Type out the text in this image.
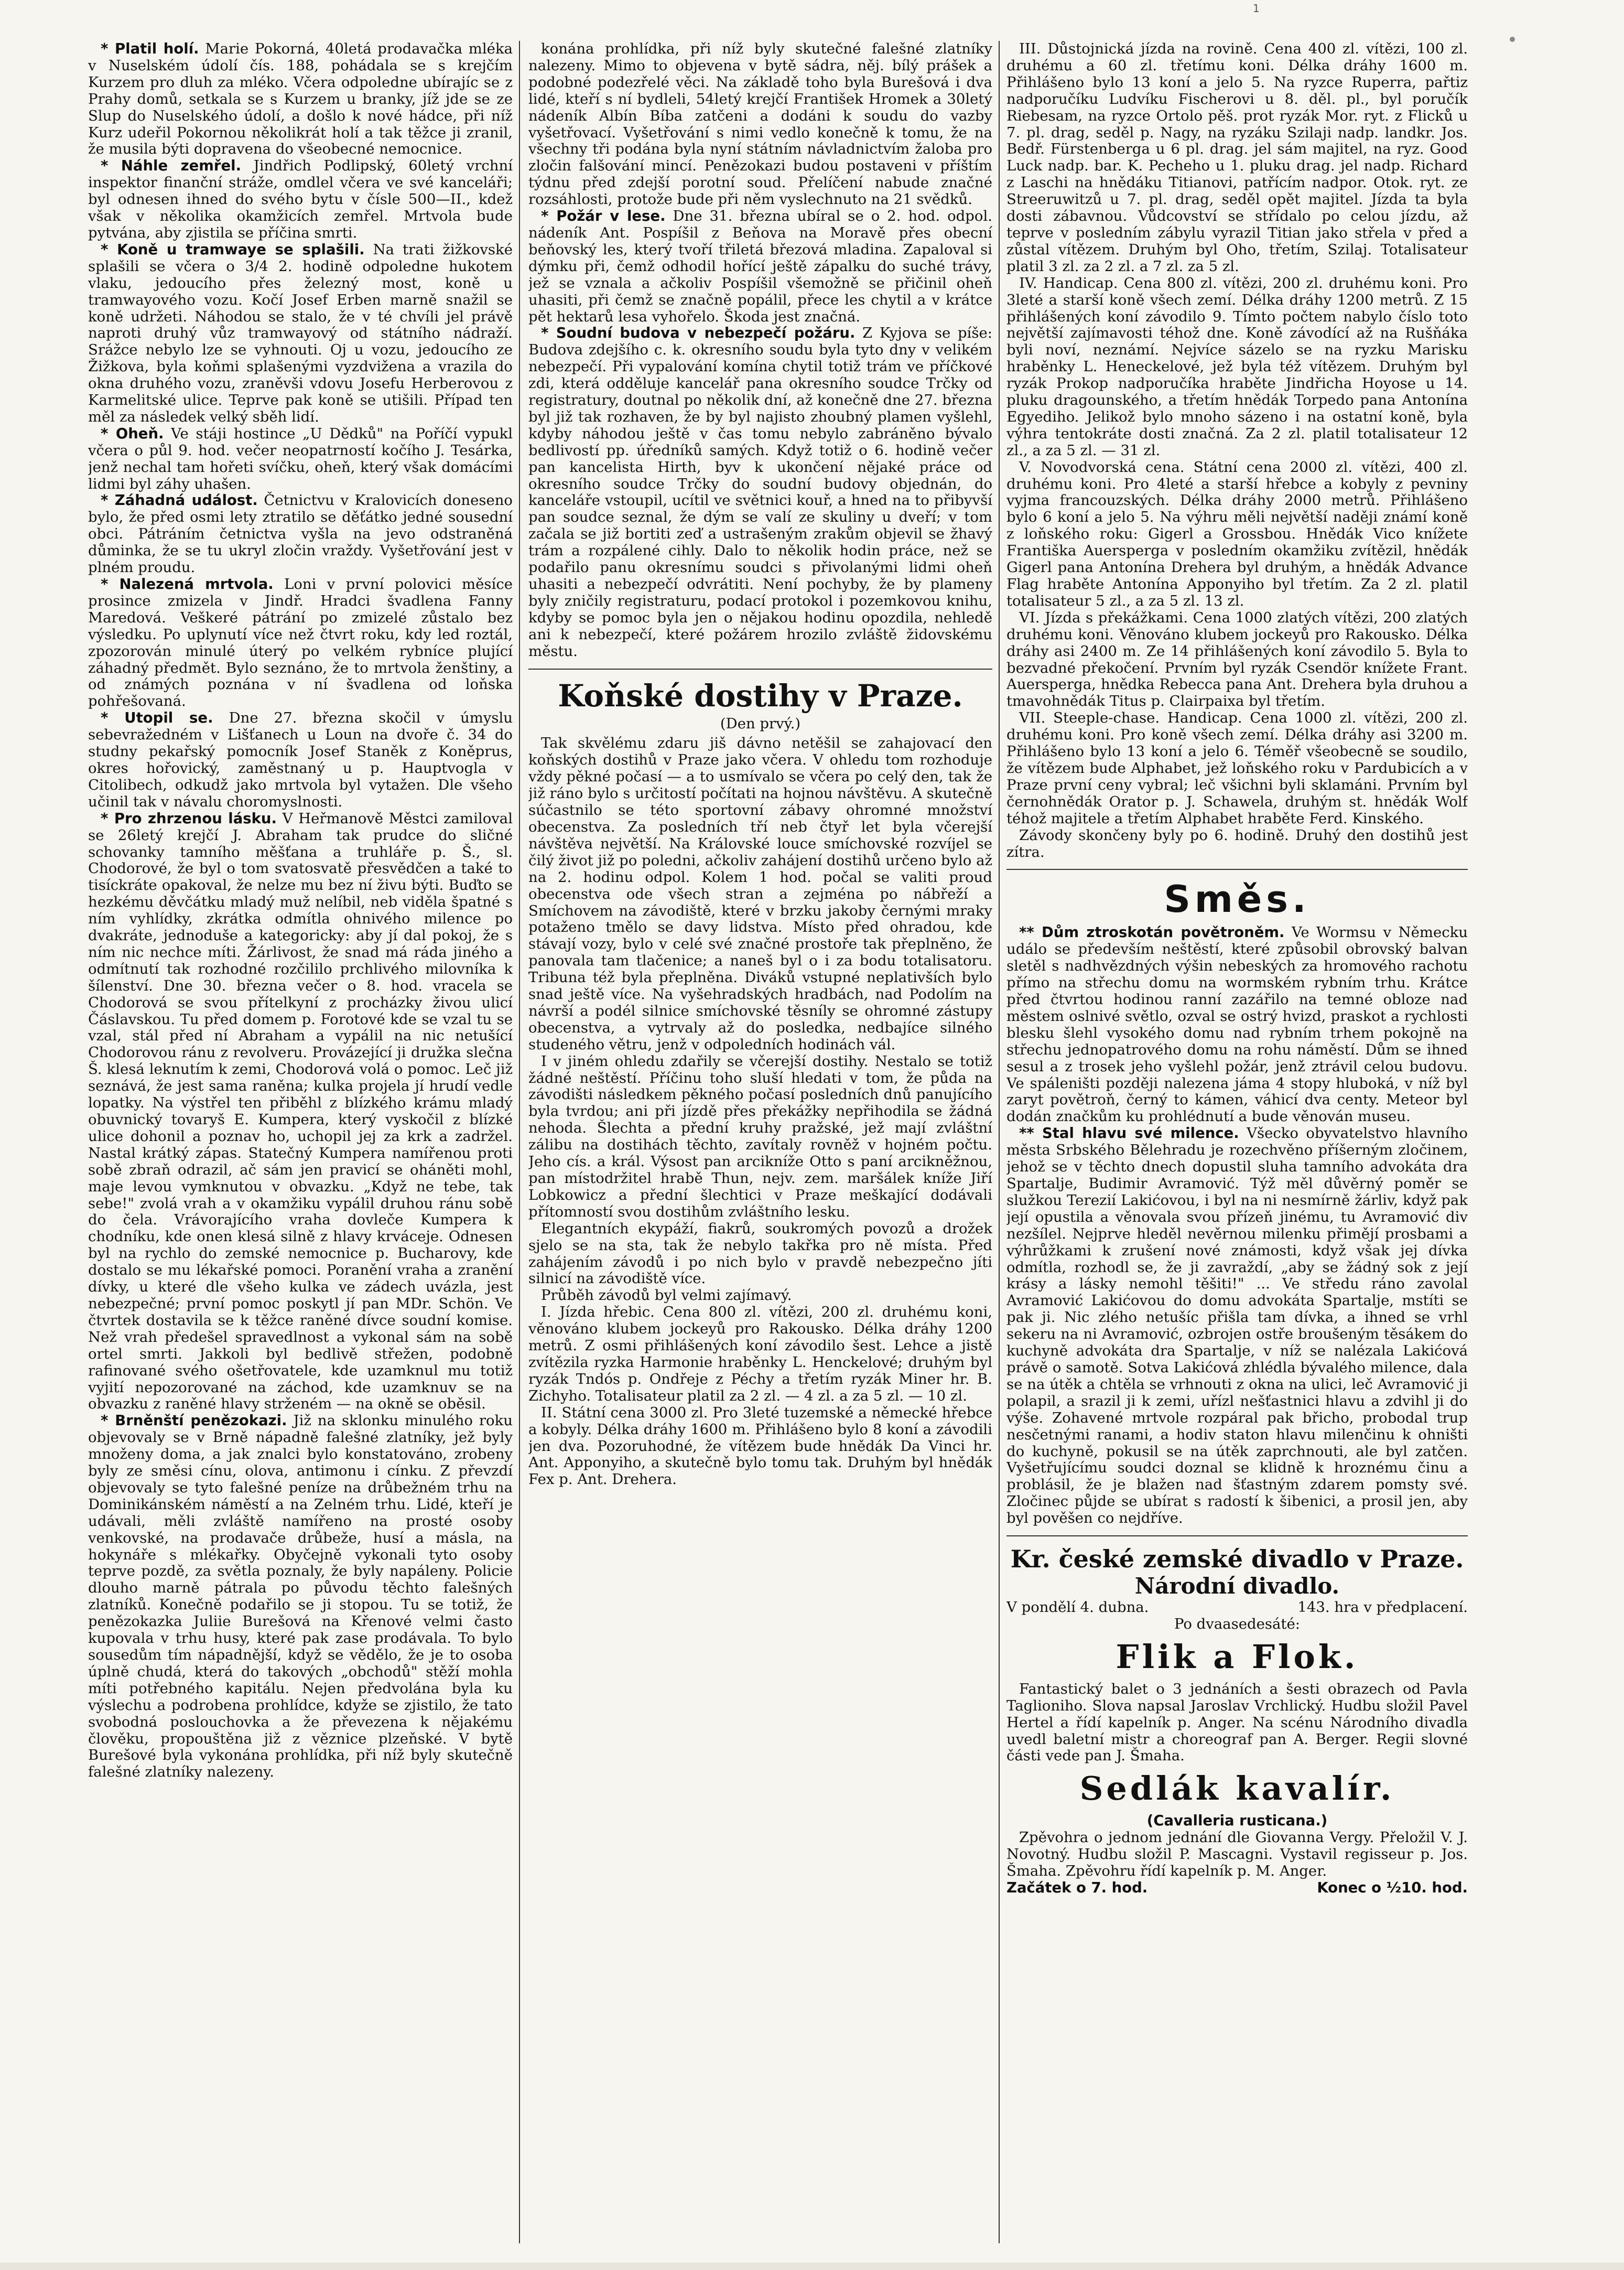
1

* Platil holí. Marie Pokorná, 40letá prodavačka mléka v Nuselském údolí čís. 188, pohádala se s krejčím Kurzem pro dluh za mléko. Včera odpoledne ubírajíc se z Prahy domů, setkala se s Kurzem u branky, jíž jde se ze Slup do Nuselského údolí, a došlo k nové hádce, při níž Kurz udeřil Pokornou několikrát holí a tak těžce ji zranil, že musila býti dopravena do všeobecné nemocnice.

* Náhle zemřel. Jindřich Podlipský, 60letý vrchní inspektor finanční stráže, omdlel včera ve své kanceláři; byl odnesen ihned do svého bytu v čísle 500—II., kdež však v několika okamžicích zemřel. Mrtvola bude pytvána, aby zjistila se příčina smrti.

* Koně u tramwaye se splašili. Na trati žižkovské splašili se včera o 3/4 2. hodině odpoledne hukotem vlaku, jedoucího přes železný most, koně u tramwayového vozu. Kočí Josef Erben marně snažil se koně udržeti. Náhodou se stalo, že v té chvíli jel právě naproti druhý vůz tramwayový od státního nádraží. Srážce nebylo lze se vyhnouti. Oj u vozu, jedoucího ze Žižkova, byla koňmi splašenými vyzdvižena a vrazila do okna druhého vozu, zraněvši vdovu Josefu Herberovou z Karmelitské ulice. Teprve pak koně se utišili. Případ ten měl za následek velký sběh lidí.

* Oheň. Ve stáji hostince „U Dědků" na Poříčí vypukl včera o půl 9. hod. večer neopatrností kočího J. Tesárka, jenž nechal tam hořeti svíčku, oheň, který však domácími lidmi byl záhy uhašen.

* Záhadná událost. Četnictvu v Kralovicích doneseno bylo, že před osmi lety ztratilo se děťátko jedné sousední obci. Pátráním četnictva vyšla na jevo odstraněná důminka, že se tu ukryl zločin vraždy. Vyšetřování jest v plném proudu.

* Nalezená mrtvola. Loni v první polovici měsíce prosince zmizela v Jindř. Hradci švadlena Fanny Maredová. Veškeré pátrání po zmizelé zůstalo bez výsledku. Po uplynutí více než čtvrt roku, kdy led roztál, zpozorován minulé úterý po velkém rybníce plující záhadný předmět. Bylo seznáno, že to mrtvola ženštiny, a od známých poznána v ní švadlena od loňska pohřešovaná.

* Utopil se. Dne 27. března skočil v úmyslu sebevražedném v Lišťanech u Loun na dvoře č. 34 do studny pekařský pomocník Josef Staněk z Koněprus, okres hořovický, zaměstnaný u p. Hauptvogla v Citolibech, odkudž jako mrtvola byl vytažen. Dle všeho učinil tak v návalu choromyslnosti.

* Pro zhrzenou lásku. V Heřmanově Městci zamiloval se 26letý krejčí J. Abraham tak prudce do sličné schovanky tamního měšťana a truhláře p. Š., sl. Chodorové, že byl o tom svatosvatě přesvědčen a také to tisíckráte opakoval, že nelze mu bez ní živu býti. Buďto se hezkému děvčátku mladý muž nelíbil, neb viděla špatné s ním vyhlídky, zkrátka odmítla ohnivého milence po dvakráte, jednoduše a kategoricky: aby jí dal pokoj, že s ním nic nechce míti. Žárlivost, že snad má ráda jiného a odmítnutí tak rozhodné rozčililo prchlivého milovníka k šílenství. Dne 30. března večer o 8. hod. vracela se Chodorová se svou přítelkyní z procházky živou ulicí Čáslavskou. Tu před domem p. Forotové kde se vzal tu se vzal, stál před ní Abraham a vypálil na nic netušící Chodorovou ránu z revolveru. Provázející ji družka slečna Š. klesá leknutím k zemi, Chodorová volá o pomoc. Leč již seznává, že jest sama raněna; kulka projela jí hrudí vedle lopatky. Na výstřel ten přiběhl z blízkého krámu mladý obuvnický tovaryš E. Kumpera, který vyskočil z blízké ulice dohonil a poznav ho, uchopil jej za krk a zadržel. Nastal krátký zápas. Statečný Kumpera namířenou proti sobě zbraň odrazil, ač sám jen pravicí se oháněti mohl, maje levou vymknutou v obvazku. „Když ne tebe, tak sebe!" zvolá vrah a v okamžiku vypálil druhou ránu sobě do čela. Vrávorajícího vraha dovleče Kumpera k chodníku, kde onen klesá silně z hlavy krváceje. Odnesen byl na rychlo do zemské nemocnice p. Bucharovy, kde dostalo se mu lékařské pomoci. Poranění vraha a zranění dívky, u které dle všeho kulka ve zádech uvázla, jest nebezpečné; první pomoc poskytl jí pan MDr. Schön. Ve čtvrtek dostavila se k těžce raněné dívce soudní komise. Než vrah předešel spravedlnost a vykonal sám na sobě ortel smrti. Jakkoli byl bedlivě střežen, podobně rafinované svého ošetřovatele, kde uzamknul mu totiž vyjití nepozorované na záchod, kde uzamknuv se na obvazku z raněné hlavy strženém — na okně se oběsil.

* Brněnští penězokazi. Již na sklonku minulého roku objevovaly se v Brně nápadně falešné zlatníky, jež byly množeny doma, a jak znalci bylo konstatováno, zrobeny byly ze směsi cínu, olova, antimonu i cínku. Z převzdí objevovaly se tyto falešné peníze na drůbežném trhu na Dominikánském náměstí a na Zelném trhu. Lidé, kteří je udávali, měli zvláště namířeno na prosté osoby venkovské, na prodavače drůbeže, husí a másla, na hokynáře s mlékařky. Obyčejně vykonali tyto osoby teprve pozdě, za světla poznaly, že byly napáleny. Policie dlouho marně pátrala po původu těchto falešných zlatníků. Konečně podařilo se ji stopou. Tu se totiž, že penězokazka Juliie Burešová na Křenové velmi často kupovala v trhu husy, které pak zase prodávala. To bylo sousedům tím nápadnější, když se vědělo, že je to osoba úplně chudá, která do takových „obchodů" stěží mohla míti potřebného kapitálu. Nejen předvolána byla ku výslechu a podrobena prohlídce, kdyže se zjistilo, že tato svobodná poslouchovka a že převezena k nějakému člověku, propouštěna již z věznice plzeňské. V bytě Burešové byla vykonána prohlídka, při níž byly skutečně falešné zlatníky nalezeny.

konána prohlídka, při níž byly skutečné falešné zlatníky nalezeny. Mimo to objevena v bytě sádra, něj. bílý prášek a podobné podezřelé věci. Na základě toho byla Burešová i dva lidé, kteří s ní bydleli, 54letý krejčí František Hromek a 30letý nádeník Albín Bíba zatčeni a dodáni k soudu do vazby vyšetřovací. Vyšetřování s nimi vedlo konečně k tomu, že na všechny tři podána byla nyní státním návladnictvím žaloba pro zločin falšování mincí. Penězokazi budou postaveni v příštím týdnu před zdejší porotní soud. Přelíčení nabude značné rozsáhlosti, protože bude při něm vyslechnuto na 21 svědků.

* Požár v lese. Dne 31. března ubíral se o 2. hod. odpol. nádeník Ant. Pospíšil z Beňova na Moravě přes obecní beňovský les, který tvoří třiletá březová mladina. Zapaloval si dýmku při, čemž odhodil hořící ještě zápalku do suché trávy, jež se vznala a ačkoliv Pospíšil všemožně se přičinil oheň uhasiti, při čemž se značně popálil, přece les chytil a v krátce pět hektarů lesa vyhořelo. Škoda jest značná.

* Soudní budova v nebezpečí požáru. Z Kyjova se píše: Budova zdejšího c. k. okresního soudu byla tyto dny v velikém nebezpečí. Při vypalování komína chytil totiž trám ve příčkové zdi, která odděluje kancelář pana okresního soudce Trčky od registratury, doutnal po několik dní, až konečně dne 27. března byl již tak rozhaven, že by byl najisto zhoubný plamen vyšlehl, kdyby náhodou ještě v čas tomu nebylo zabráněno bývalo bedlivostí pp. úředníků samých. Když totiž o 6. hodině večer pan kancelista Hirth, byv k ukončení nějaké práce od okresního soudce Trčky do soudní budovy objednán, do kanceláře vstoupil, ucítil ve světnici kouř, a hned na to přibyvší pan soudce seznal, že dým se valí ze skuliny u dveří; v tom začala se již bortiti zeď a ustrašeným zrakům objevil se žhavý trám a rozpálené cihly. Dalo to několik hodin práce, než se podařilo panu okresnímu soudci s přivolanými lidmi oheň uhasiti a nebezpečí odvrátiti. Není pochyby, že by plameny byly zničily registraturu, podací protokol i pozemkovou knihu, kdyby se pomoc byla jen o nějakou hodinu opozdila, nehledě ani k nebezpečí, které požárem hrozilo zvláště židovskému městu.

Koňské dostihy v Praze.
(Den prvý.)

Tak skvělému zdaru jiš dávno netěšil se zahajovací den koňských dostihů v Praze jako včera. V ohledu tom rozhoduje vždy pěkné počasí — a to usmívalo se včera po celý den, tak že již ráno bylo s určitostí počítati na hojnou návštěvu. A skutečně súčastnilo se této sportovní zábavy ohromné množství obecenstva. Za posledních tří neb čtyř let byla včerejší návštěva největší. Na Královské louce smíchovské rozvíjel se čilý život již po poledni, ačkoliv zahájení dostihů určeno bylo až na 2. hodinu odpol. Kolem 1 hod. počal se valiti proud obecenstva ode všech stran a zejména po nábřeží a Smíchovem na závodiště, které v brzku jakoby černými mraky potaženo tmělo se davy lidstva. Místo před ohradou, kde stávají vozy, bylo v celé své značné prostoře tak přeplněno, že panovala tam tlačenice; a naneš byl o i za bodu totalisatoru. Tribuna též byla přeplněna. Diváků vstupné neplativších bylo snad ještě více. Na vyšehradských hradbách, nad Podolím na návrší a podél silnice smíchovské těsníly se ohromné zástupy obecenstva, a vytrvaly až do posledka, nedbajíce silného studeného větru, jenž v odpoledních hodinách vál.

I v jiném ohledu zdařily se včerejší dostihy. Nestalo se totiž žádné neštěstí. Příčinu toho sluší hledati v tom, že půda na závodišti následkem pěkného počasí posledních dnů panujícího byla tvrdou; ani při jízdě přes překážky nepřihodila se žádná nehoda. Šlechta a přední kruhy pražské, jež mají zvláštní zálibu na dostihách těchto, zavítaly rovněž v hojném počtu. Jeho cís. a král. Výsost pan arcikníže Otto s paní arcikněžnou, pan místodržitel hrabě Thun, nejv. zem. maršálek kníže Jiří Lobkowicz a přední šlechtici v Praze meškající dodávali přítomností svou dostihům zvláštního lesku.

Elegantních ekypáží, fiakrů, soukromých povozů a drožek sjelo se na sta, tak že nebylo takřka pro ně místa. Před zahájením závodů i po nich bylo v pravdě nebezpečno jíti silnicí na závodiště více.

Průběh závodů byl velmi zajímavý.

I. Jízda hřebic. Cena 800 zl. vítězi, 200 zl. druhému koni, věnováno klubem jockeyů pro Rakousko. Délka dráhy 1200 metrů. Z osmi přihlášených koní závodilo šest. Lehce a jistě zvítězila ryzka Harmonie hraběnky L. Henckelové; druhým byl ryzák Tndós p. Ondřeje z Péchy a třetím ryzák Miner hr. B. Zichyho. Totalisateur platil za 2 zl. — 4 zl. a za 5 zl. — 10 zl.

II. Státní cena 3000 zl. Pro 3leté tuzemské a německé hřebce a kobyly. Délka dráhy 1600 m. Přihlášeno bylo 8 koní a závodili jen dva. Pozoruhodné, že vítězem bude hnědák Da Vinci hr. Ant. Apponyiho, a skutečně bylo tomu tak. Druhým byl hnědák Fex p. Ant. Drehera.

III. Důstojnická jízda na rovině. Cena 400 zl. vítězi, 100 zl. druhému a 60 zl. třetímu koni. Délka dráhy 1600 m. Přihlášeno bylo 13 koní a jelo 5. Na ryzce Ruperra, pařtiz nadporučíku Ludvíku Fischerovi u 8. děl. pl., byl poručík Riebesam, na ryzce Ortolo pěš. prot ryzák Mor. ryt. z Flicků u 7. pl. drag, seděl p. Nagy, na ryzáku Szilaji nadp. landkr. Jos. Bedř. Fürstenberga u 6 pl. drag. jel sám majitel, na ryz. Good Luck nadp. bar. K. Pecheho u 1. pluku drag. jel nadp. Richard z Laschi na hnědáku Titianovi, patřícím nadpor. Otok. ryt. ze Streeruwitzů u 7. pl. drag, seděl opět majitel. Jízda ta byla dosti zábavnou. Vůdcovství se střídalo po celou jízdu, až teprve v posledním zábylu vyrazil Titian jako střela v před a zůstal vítězem. Druhým byl Oho, třetím, Szilaj. Totalisateur platil 3 zl. za 2 zl. a 7 zl. za 5 zl.

IV. Handicap. Cena 800 zl. vítězi, 200 zl. druhému koni. Pro 3leté a starší koně všech zemí. Délka dráhy 1200 metrů. Z 15 přihlášených koní závodilo 9. Tímto počtem nabylo číslo toto největší zajímavosti téhož dne. Koně závodící až na Rušňáka byli noví, neznámí. Nejvíce sázelo se na ryzku Marisku hraběnky L. Heneckelové, jež byla též vítězem. Druhým byl ryzák Prokop nadporučíka hraběte Jindřicha Hoyose u 14. pluku dragounského, a třetím hnědák Torpedo pana Antonína Egyediho. Jelikož bylo mnoho sázeno i na ostatní koně, byla výhra tentokráte dosti značná. Za 2 zl. platil totalisateur 12 zl., a za 5 zl. — 31 zl.

V. Novodvorská cena. Státní cena 2000 zl. vítězi, 400 zl. druhému koni. Pro 4leté a starší hřebce a kobyly z pevniny vyjma francouzských. Délka dráhy 2000 metrů. Přihlášeno bylo 6 koní a jelo 5. Na výhru měli největší naději známí koně z loňského roku: Gigerl a Grossbou. Hnědák Vico knížete Františka Auersperga v posledním okamžiku zvítězil, hnědák Gigerl pana Antonína Drehera byl druhým, a hnědák Advance Flag hraběte Antonína Apponyiho byl třetím. Za 2 zl. platil totalisateur 5 zl., a za 5 zl. 13 zl.

VI. Jízda s překážkami. Cena 1000 zlatých vítězi, 200 zlatých druhému koni. Věnováno klubem jockeyů pro Rakousko. Délka dráhy asi 2400 m. Ze 14 přihlášených koní závodilo 5. Byla to bezvadné překočení. Prvním byl ryzák Csendör knížete Frant. Auersperga, hnědka Rebecca pana Ant. Drehera byla druhou a tmavohnědák Titus p. Clairpaixa byl třetím.

VII. Steeple-chase. Handicap. Cena 1000 zl. vítězi, 200 zl. druhému koni. Pro koně všech zemí. Délka dráhy asi 3200 m. Přihlášeno bylo 13 koní a jelo 6. Téměř všeobecně se soudilo, že vítězem bude Alphabet, jež loňského roku v Pardubicích a v Praze první ceny vybral; leč všichni byli sklamáni. Prvním byl černohnědák Orator p. J. Schawela, druhým st. hnědák Wolf téhož majitele a třetím Alphabet hraběte Ferd. Kinského.

Závody skončeny byly po 6. hodině. Druhý den dostihů jest zítra.

Směs.

** Dům ztroskotán povětroněm. Ve Wormsu v Německu událo se především neštěstí, které způsobil obrovský balvan sletěl s nadhvězdných výšin nebeských za hromového rachotu přímo na střechu domu na wormském rybním trhu. Krátce před čtvrtou hodinou ranní zazářilo na temné obloze nad městem oslnivé světlo, ozval se ostrý hvizd, praskot a rychlosti blesku šlehl vysokého domu nad rybním trhem pokojně na střechu jednopatrového domu na rohu náměstí. Dům se ihned sesul a z trosek jeho vyšlehl požár, jenž ztrávil celou budovu. Ve spáleništi později nalezena jáma 4 stopy hluboká, v níž byl zaryt povětroň, černý to kámen, váhicí dva centy. Meteor byl dodán značkům ku prohlédnutí a bude věnován museu.

** Stal hlavu své milence. Všecko obyvatelstvo hlavního města Srbského Bělehradu je rozechvěno příšerným zločinem, jehož se v těchto dnech dopustil sluha tamního advokáta dra Spartalje, Budimir Avramović. Týž měl důvěrný poměr se služkou Terezií Lakićovou, i byl na ni nesmírně žárliv, když pak její opustila a věnovala svou přízeň jinému, tu Avramović div nezšílel. Nejprve hleděl nevěrnou milenku přimějí prosbami a výhrůžkami k zrušení nové známosti, když však jej dívka odmítla, rozhodl se, že ji zavraždí, „aby se žádný sok z její krásy a lásky nemohl těšiti!" ... Ve středu ráno zavolal Avramović Lakićovou do domu advokáta Spartalje, mstíti se pak ji. Nic zlého netušíc přišla tam dívka, a ihned se vrhl sekeru na ni Avramović, ozbrojen ostře broušeným těsákem do kuchyně advokáta dra Spartalje, v níž se nalézala Lakićová právě o samotě. Sotva Lakićová zhlédla bývalého milence, dala se na útěk a chtěla se vrhnouti z okna na ulici, leč Avramović ji polapil, a srazil ji k zemi, uřízl nešťastnici hlavu a zdvihl ji do výše. Zohavené mrtvole rozpáral pak břicho, probodal trup nesčetnými ranami, a hodiv staton hlavu milenčinu k ohništi do kuchyně, pokusil se na útěk zaprchnouti, ale byl zatčen. Vyšetřujícímu soudci doznal se klidně k hroznému činu a problásil, že je blažen nad šťastným zdarem pomsty své. Zločinec půjde se ubírat s radostí k šibenici, a prosil jen, aby byl pověšen co nejdříve.

Kr. české zemské divadlo v Praze.
Národní divadlo.
V pondělí 4. dubna.	143. hra v předplacení.
Po dvaasedesáté:
Flik a Flok.

Fantastický balet o 3 jednáních a šesti obrazech od Pavla Taglioniho. Slova napsal Jaroslav Vrchlický. Hudbu složil Pavel Hertel a řídí kapelník p. Anger. Na scénu Národního divadla uvedl baletní mistr a choreograf pan A. Berger. Regii slovné části vede pan J. Šmaha.

Sedlák kavalír.
(Cavalleria rusticana.)

Zpěvohra o jednom jednání dle Giovanna Vergy. Přeložil V. J. Novotný. Hudbu složil P. Mascagni. Vystavil regisseur p. Jos. Šmaha. Zpěvohru řídí kapelník p. M. Anger.

Začátek o 7. hod.	Konec o ½10. hod.
